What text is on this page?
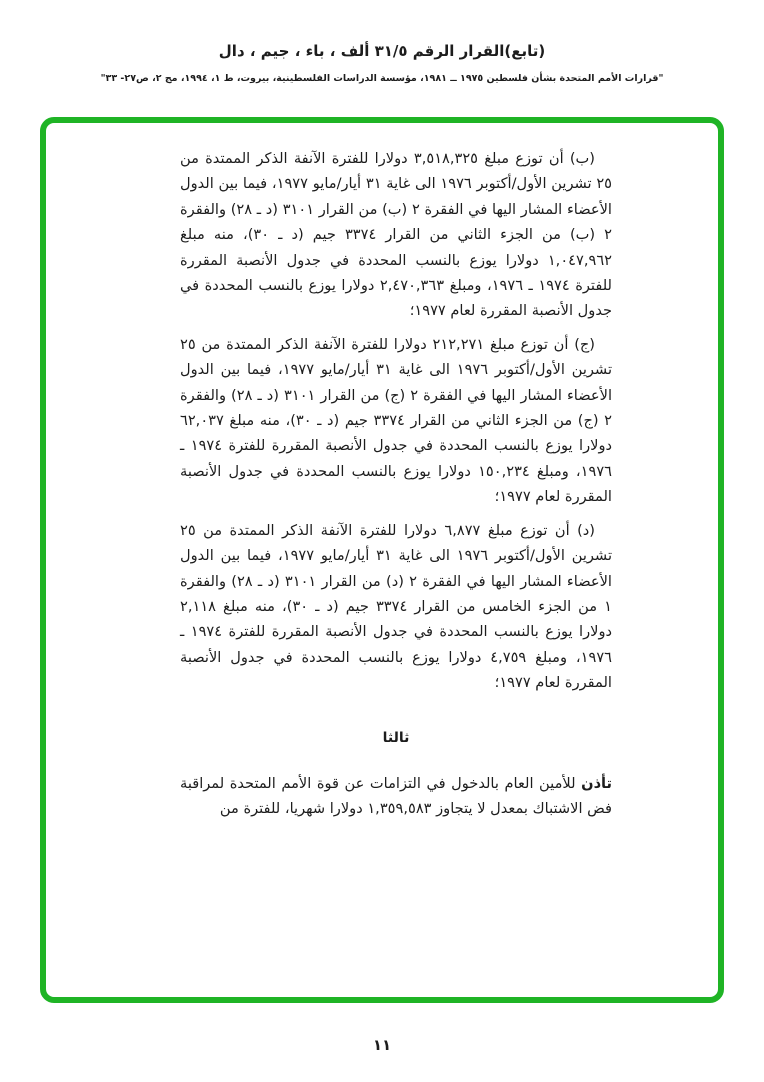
(تابع)القرار الرقم ٣١/٥ ألف ، باء ، جيم ، دال
"قرارات الأمم المتحدة بشأن فلسطين ١٩٧٥ ــ ١٩٨١، مؤسسة الدراسات الفلسطينية، بيروت، ط ١، ١٩٩٤، مج ٢، ص٢٧- ٣٣"

(ب) أن توزع مبلغ ٣,٥١٨,٣٢٥ دولارا للفترة الآنفة الذكر الممتدة من ٢٥ تشرين الأول/أكتوبر ١٩٧٦ الى غاية ٣١ أيار/مايو ١٩٧٧، فيما بين الدول الأعضاء المشار اليها في الفقرة ٢ (ب) من القرار ٣١٠١ (د ـ ٢٨) والفقرة ٢ (ب) من الجزء الثاني من القرار ٣٣٧٤ جيم (د ـ ٣٠)، منه مبلغ ١,٠٤٧,٩٦٢ دولارا يوزع بالنسب المحددة في جدول الأنصبة المقررة للفترة ١٩٧٤ ـ ١٩٧٦، ومبلغ ٢,٤٧٠,٣٦٣ دولارا يوزع بالنسب المحددة في جدول الأنصبة المقررة لعام ١٩٧٧؛

(ج) أن توزع مبلغ ٢١٢,٢٧١ دولارا للفترة الآنفة الذكر الممتدة من ٢٥ تشرين الأول/أكتوبر ١٩٧٦ الى غاية ٣١ أيار/مايو ١٩٧٧، فيما بين الدول الأعضاء المشار اليها في الفقرة ٢ (ج) من القرار ٣١٠١ (د ـ ٢٨) والفقرة ٢ (ج) من الجزء الثاني من القرار ٣٣٧٤ جيم (د ـ ٣٠)، منه مبلغ ٦٢,٠٣٧ دولارا يوزع بالنسب المحددة في جدول الأنصبة المقررة للفترة ١٩٧٤ ـ ١٩٧٦، ومبلغ ١٥٠,٢٣٤ دولارا يوزع بالنسب المحددة في جدول الأنصبة المقررة لعام ١٩٧٧؛

(د) أن توزع مبلغ ٦,٨٧٧ دولارا للفترة الآنفة الذكر الممتدة من ٢٥ تشرين الأول/أكتوبر ١٩٧٦ الى غاية ٣١ أيار/مايو ١٩٧٧، فيما بين الدول الأعضاء المشار اليها في الفقرة ٢ (د) من القرار ٣١٠١ (د ـ ٢٨) والفقرة ١ من الجزء الخامس من القرار ٣٣٧٤ جيم (د ـ ٣٠)، منه مبلغ ٢,١١٨ دولارا يوزع بالنسب المحددة في جدول الأنصبة المقررة للفترة ١٩٧٤ ـ ١٩٧٦، ومبلغ ٤,٧٥٩ دولارا يوزع بالنسب المحددة في جدول الأنصبة المقررة لعام ١٩٧٧؛

ثالثا

تأذن للأمين العام بالدخول في التزامات عن قوة الأمم المتحدة لمراقبة فض الاشتباك بمعدل لا يتجاوز ١,٣٥٩,٥٨٣ دولارا شهريا، للفترة من

١١
